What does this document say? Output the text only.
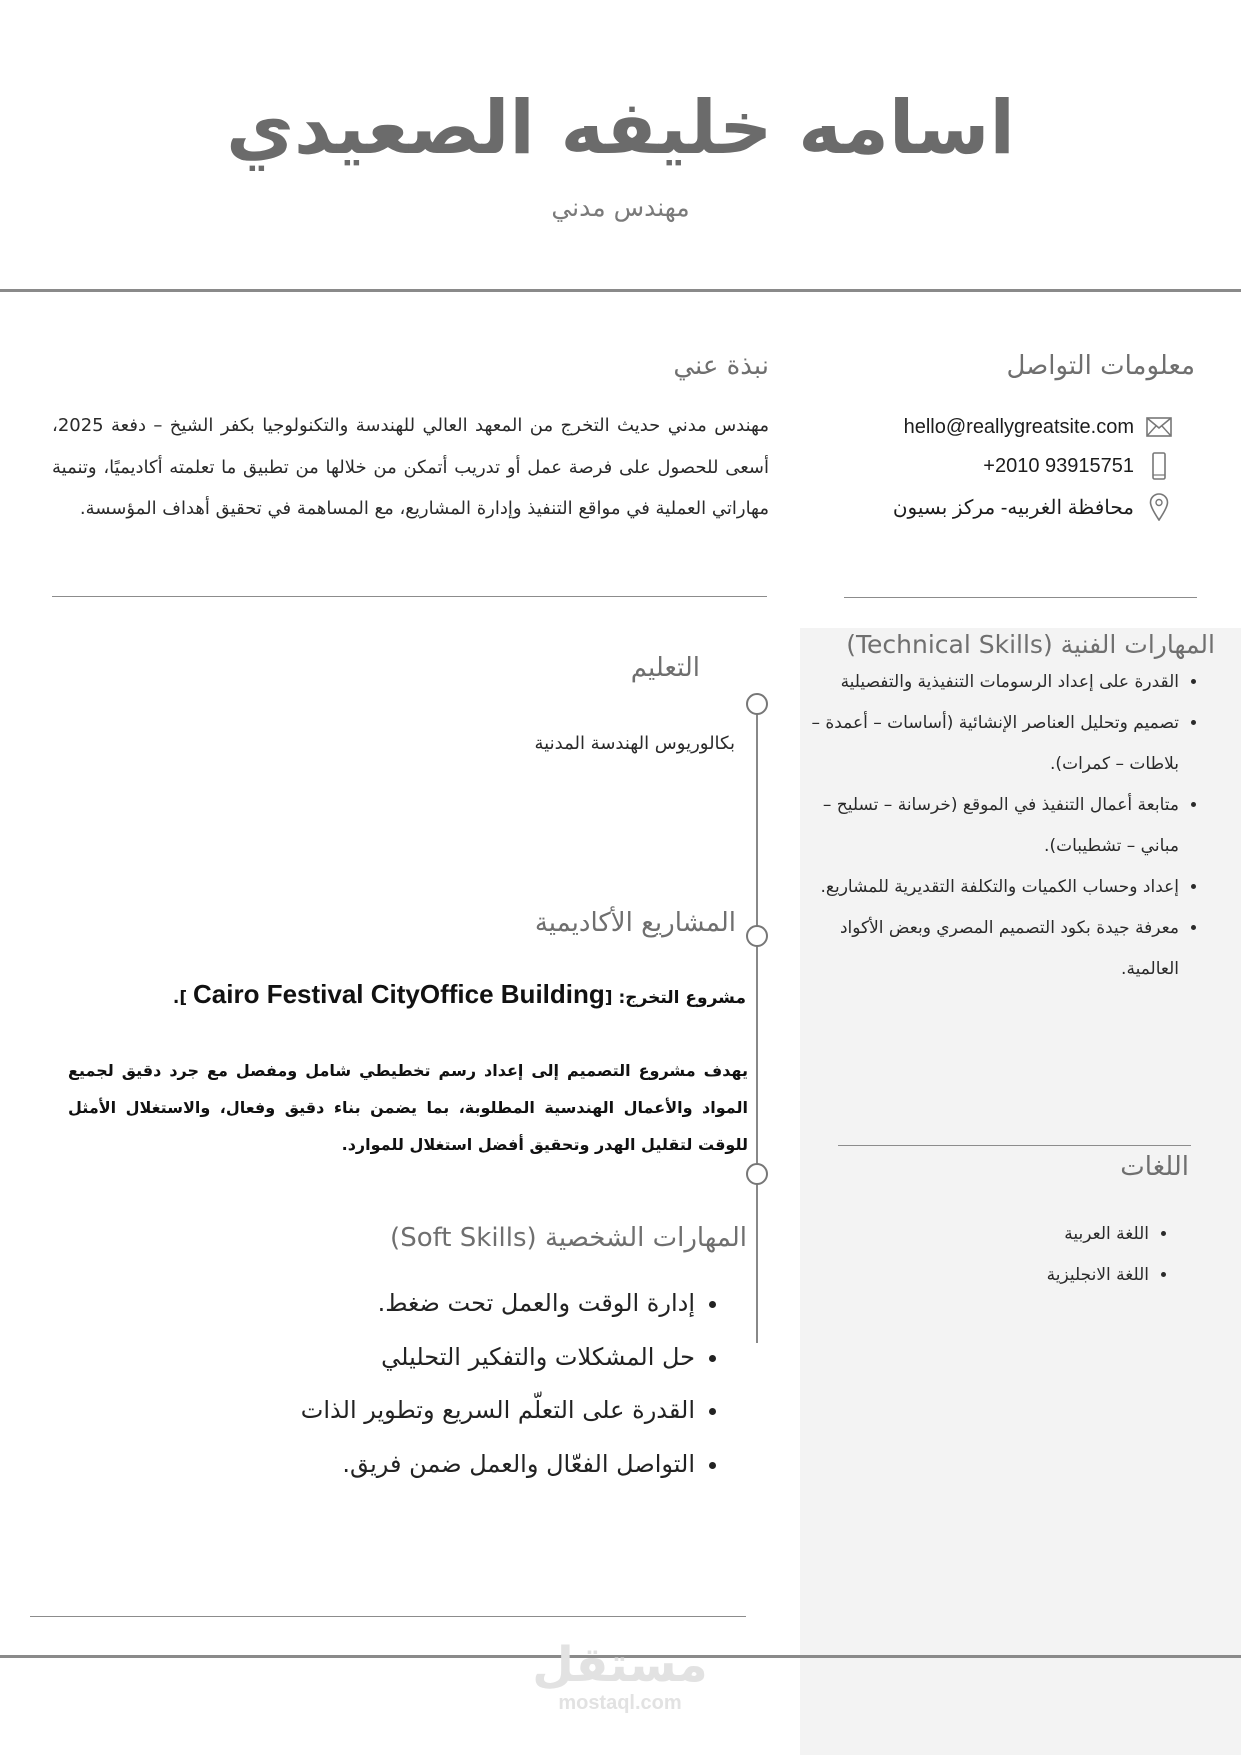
اسامه خليفه الصعيدي
مهندس مدني
نبذة عني
مهندس مدني حديث التخرج من المعهد العالي للهندسة والتكنولوجيا بكفر الشيخ – دفعة 2025، أسعى للحصول على فرصة عمل أو تدريب أتمكن من خلالها من تطبيق ما تعلمته أكاديميًا، وتنمية مهاراتي العملية في مواقع التنفيذ وإدارة المشاريع، مع المساهمة في تحقيق أهداف المؤسسة.
معلومات التواصل
hello@reallygreatsite.com
+2010 93915751
محافظة الغربيه- مركز بسيون
المهارات الفنية (Technical Skills)
• القدرة على إعداد الرسومات التنفيذية والتفصيلية
• تصميم وتحليل العناصر الإنشائية (أساسات – أعمدة – بلاطات – كمرات).
• متابعة أعمال التنفيذ في الموقع (خرسانة – تسليح – مباني – تشطيبات).
• إعداد وحساب الكميات والتكلفة التقديرية للمشاريع.
• معرفة جيدة بكود التصميم المصري وبعض الأكواد العالمية.
اللغات
• اللغة العربية
• اللغة الانجليزية
التعليم
بكالوريوس الهندسة المدنية
المشاريع الأكاديمية
مشروع التخرج: [Cairo Festival CityOffice Building ].
يهدف مشروع التصميم إلى إعداد رسم تخطيطي شامل ومفصل مع جرد دقيق لجميع المواد والأعمال الهندسية المطلوبة، بما يضمن بناء دقيق وفعال، والاستغلال الأمثل للوقت لتقليل الهدر وتحقيق أفضل استغلال للموارد.
المهارات الشخصية (Soft Skills)
• إدارة الوقت والعمل تحت ضغط.
• حل المشكلات والتفكير التحليلي
• القدرة على التعلّم السريع وتطوير الذات
• التواصل الفعّال والعمل ضمن فريق.
مستقل
mostaql.com
